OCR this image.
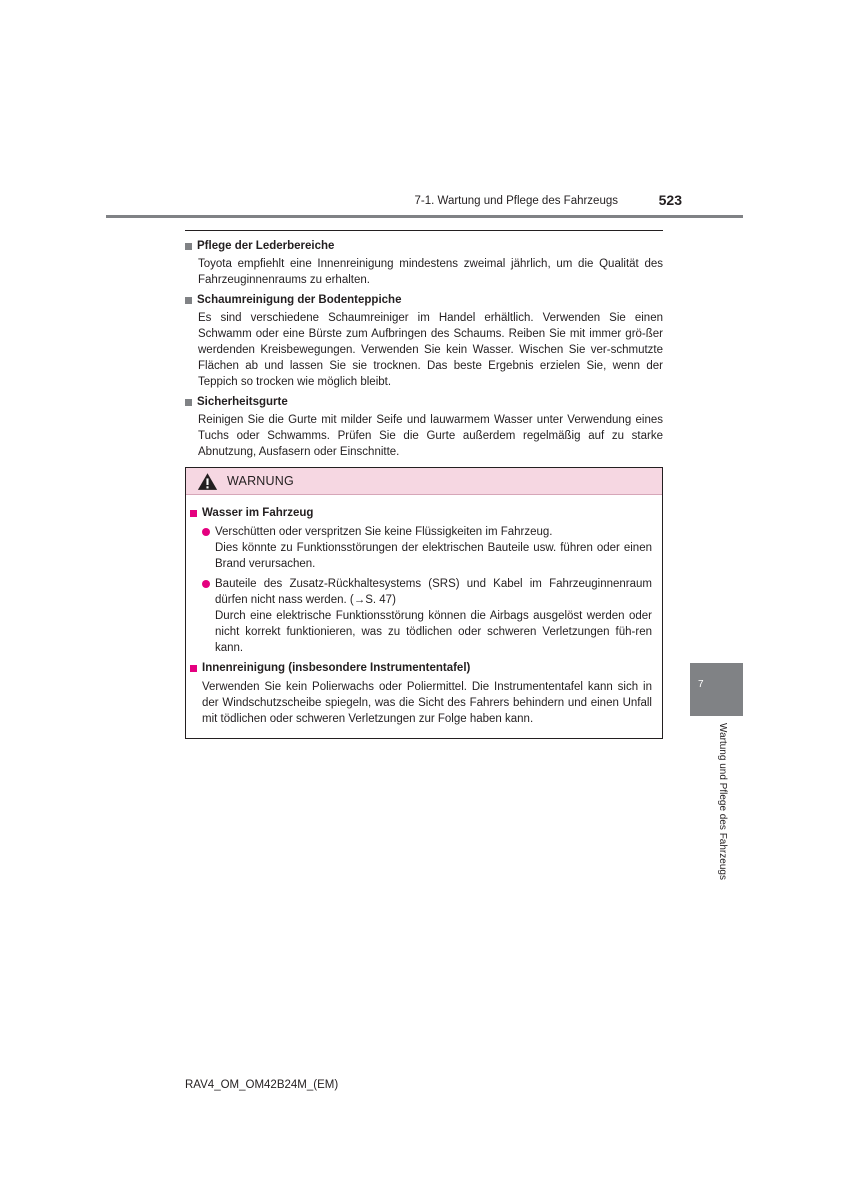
7-1. Wartung und Pflege des Fahrzeugs	523
Pflege der Lederbereiche
Toyota empfiehlt eine Innenreinigung mindestens zweimal jährlich, um die Qualität des Fahrzeuginnenraums zu erhalten.
Schaumreinigung der Bodenteppiche
Es sind verschiedene Schaumreiniger im Handel erhältlich. Verwenden Sie einen Schwamm oder eine Bürste zum Aufbringen des Schaums. Reiben Sie mit immer grö-ßer werdenden Kreisbewegungen. Verwenden Sie kein Wasser. Wischen Sie ver-schmutzte Flächen ab und lassen Sie sie trocknen. Das beste Ergebnis erzielen Sie, wenn der Teppich so trocken wie möglich bleibt.
Sicherheitsgurte
Reinigen Sie die Gurte mit milder Seife und lauwarmem Wasser unter Verwendung eines Tuchs oder Schwamms. Prüfen Sie die Gurte außerdem regelmäßig auf zu starke Abnutzung, Ausfasern oder Einschnitte.
WARNUNG
Wasser im Fahrzeug
Verschütten oder verspritzen Sie keine Flüssigkeiten im Fahrzeug.
Dies könnte zu Funktionsstörungen der elektrischen Bauteile usw. führen oder einen Brand verursachen.
Bauteile des Zusatz-Rückhaltesystems (SRS) und Kabel im Fahrzeuginnenraum dürfen nicht nass werden. (→S. 47)
Durch eine elektrische Funktionsstörung können die Airbags ausgelöst werden oder nicht korrekt funktionieren, was zu tödlichen oder schweren Verletzungen füh-ren kann.
Innenreinigung (insbesondere Instrumententafel)
Verwenden Sie kein Polierwachs oder Poliermittel. Die Instrumententafel kann sich in der Windschutzscheibe spiegeln, was die Sicht des Fahrers behindern und einen Unfall mit tödlichen oder schweren Verletzungen zur Folge haben kann.
7
Wartung und Pflege des Fahrzeugs
RAV4_OM_OM42B24M_(EM)
